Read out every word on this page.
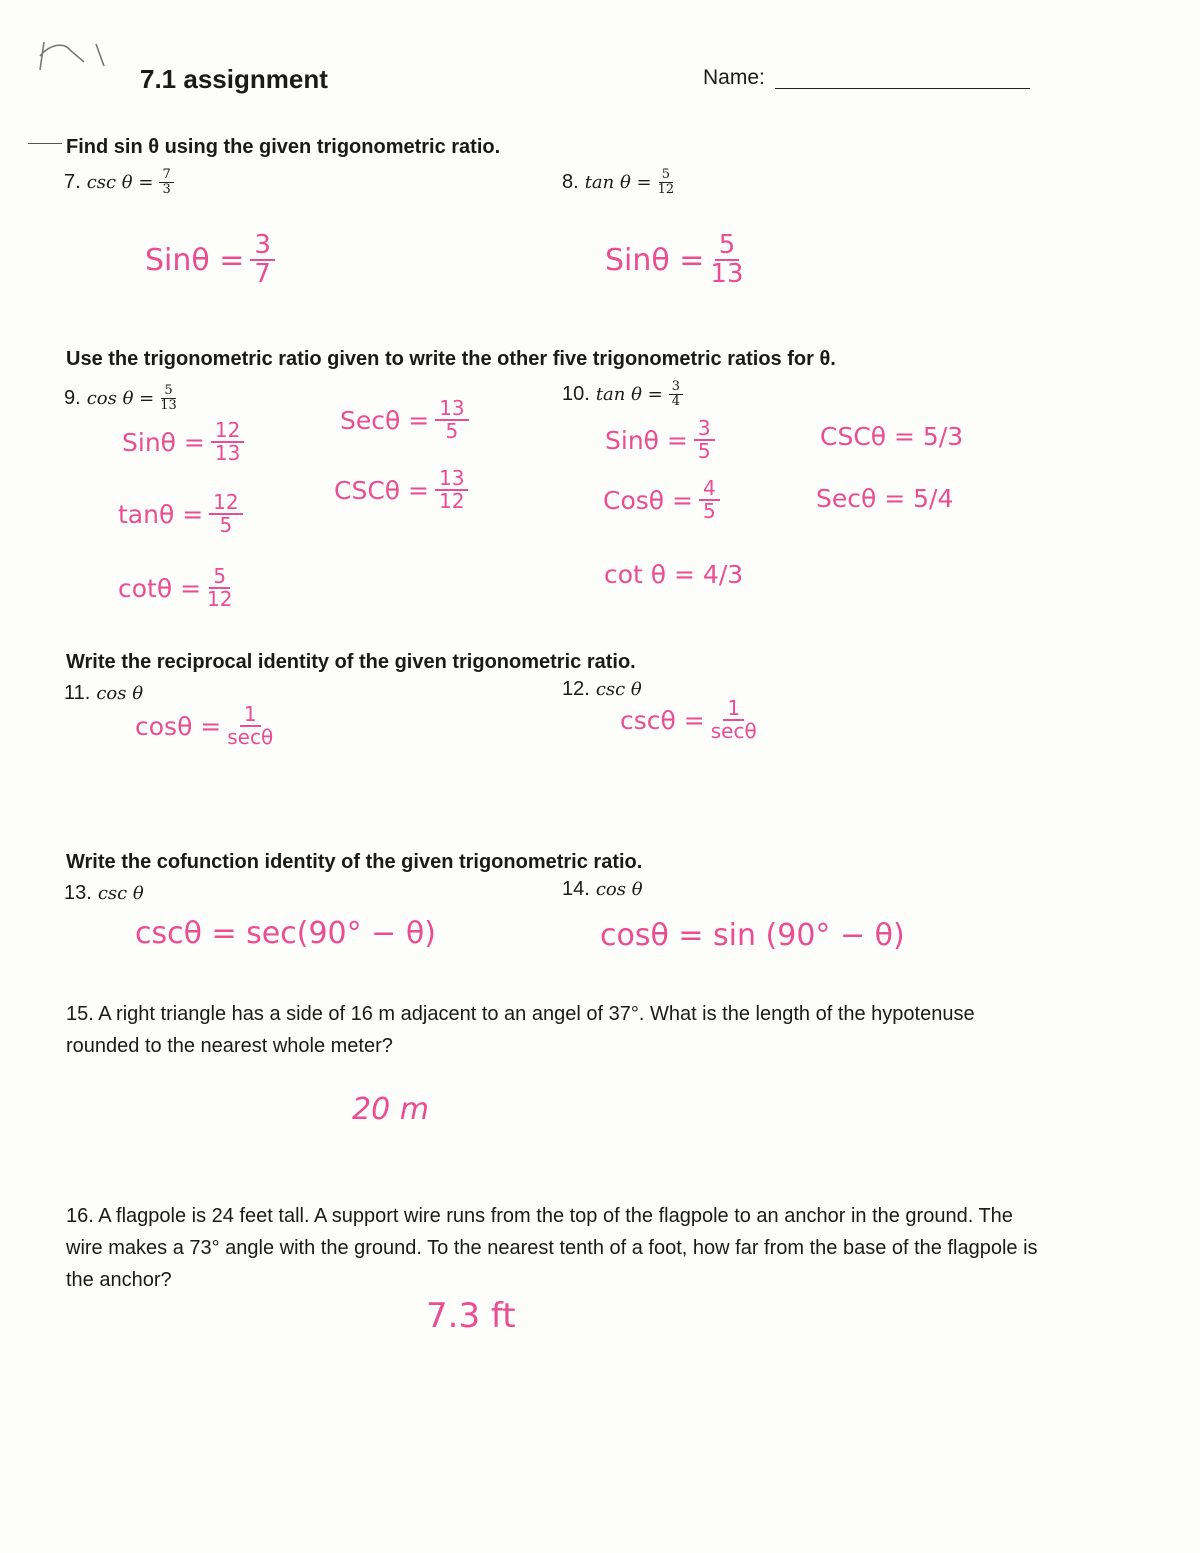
7.1 assignment	Name:
Find sin θ using the given trigonometric ratio.
7. $\csc \theta = \frac{7}{3}$	8. $\tan \theta = \frac{5}{12}$
$Sin\theta = \frac{3}{7}$	$Sin\theta = \frac{5}{13}$
Use the trigonometric ratio given to write the other five trigonometric ratios for θ.
9. $\cos \theta = \frac{5}{13}$	10. $\tan \theta = \frac{3}{4}$
$Sin\theta = \frac{12}{13}$
$\tan\theta = \frac{12}{5}$
$\cot\theta = \frac{5}{12}$
$Sec\theta = \frac{13}{5}$
$CSC\theta = \frac{13}{12}$
$Sin\theta = \frac{3}{5}$
$Cos\theta = \frac{4}{5}$
cot θ = 4/3
CSCθ = 5/3
Secθ = 5/4
Write the reciprocal identity of the given trigonometric ratio.
11. cos θ	12. csc θ
cosθ = 1
secθ
cscθ = 1
secθ
Write the cofunction identity of the given trigonometric ratio.
13. csc θ	14. cos θ
cscθ = sec(90° − θ)	cosθ = sin (90° − θ)
15. A right triangle has a side of 16 m adjacent to an angel of 37°. What is the length of the hypotenuse
rounded to the nearest whole meter?
20 m
16. A flagpole is 24 feet tall. A support wire runs from the top of the flagpole to an anchor in the ground. The
wire makes a 73° angle with the ground. To the nearest tenth of a foot, how far from the base of the flagpole is
the anchor?
7.3 ft
